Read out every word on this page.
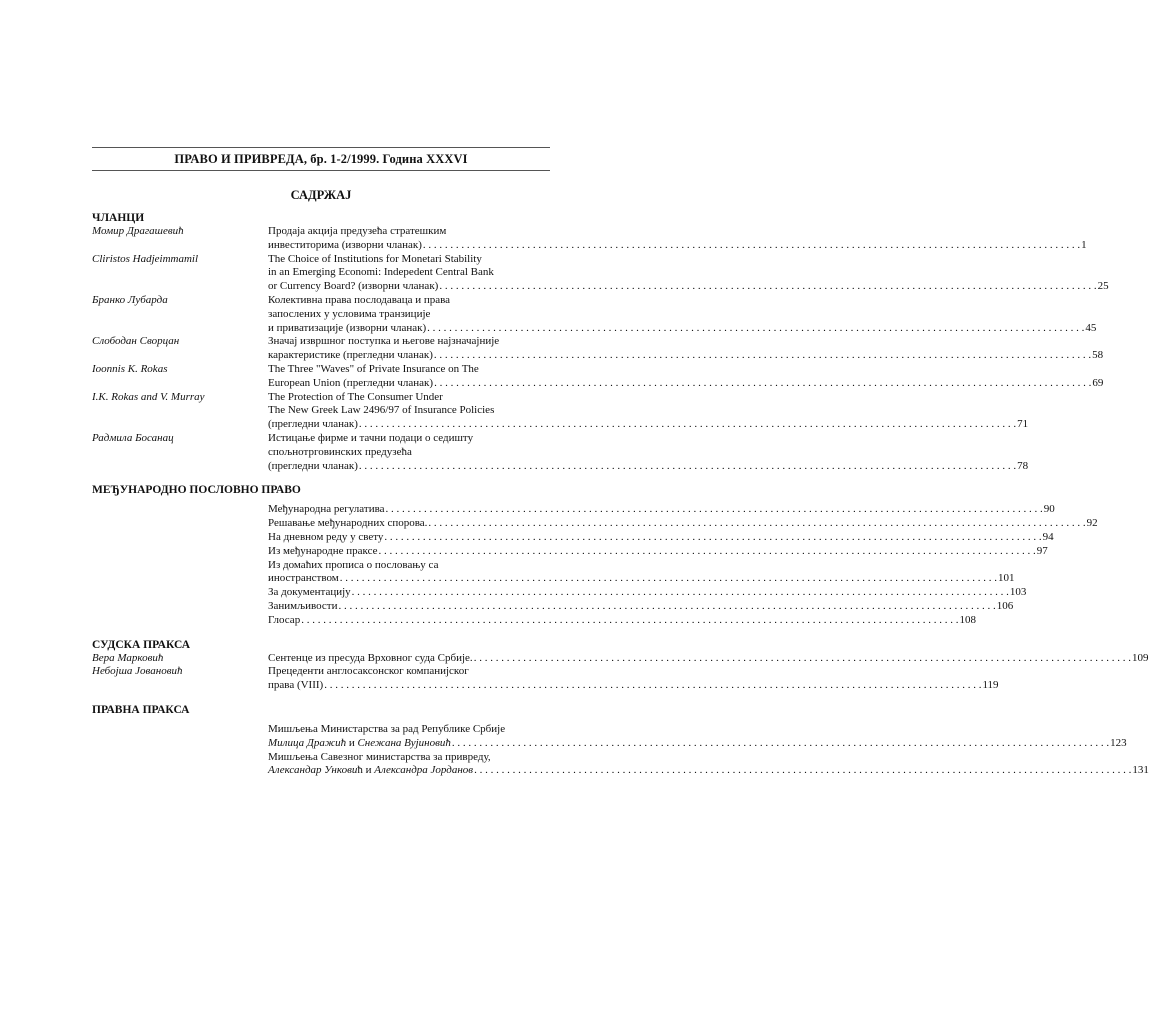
ПРАВО И ПРИВРЕДА, бр. 1-2/1999. Година XXXVI
САДРЖАЈ
ЧЛАНЦИ
Момир Драгашевић	Продаја акција предузећа стратешким
инвеститорима (изворни чланак) . . .	1
Cliristos Hadjeimmamil	The Choice of Institutions for Monetari Stability
in an Emerging Economi: Indepedent Central Bank
or Currency Board? (изворни чланак) . . .	25
Бранко Лубарда	Колективна права послодаваца и права
запослених у условима транзиције
и приватизације (изворни чланак) . . .	45
Слободан Сворцан	Значај извршног поступка и његове најзначајније
карактеристике (прегледни чланак) . . .	58
Ioonnis K. Rokas	The Three "Waves" of Private Insurance on The
European Union (прегледни чланак) . . .	69
I.K. Rokas and V. Murray	The Protection of The Consumer Under
The New Greek Law 2496/97 of Insurance Policies
(прегледни чланак) . . .	71
Радмила Босанац	Истицање фирме и тачни подаци о седишту
спољнотрговинских предузећа
(прегледни чланак) . . .	78
МЕЂУНАРОДНО ПОСЛОВНО ПРАВО
Међународна регулатива . . .	90
Решавање међународних спорова. . . .	92
На дневном реду у свету . . .	94
Из међународне праксе . . .	97
Из домаћих прописа о пословању са
иностранством . . .	101
За документацију . . .	103
Занимљивости . . .	106
Глосар . . .	108
СУДСКА ПРАКСА
Вера Марковић	Сентенце из пресуда Врховног суда Србије. . . .	109
Небојша Јовановић	Прецеденти англосаксонског компанијског
права (VIII) . . .	119
ПРАВНА ПРАКСА
Мишљења Министарства за рад Републике Србије
Милица Дражић и Снежана Вујиновић . . .	123
Мишљења Савезног министарства за привреду,
Александар Унковић и Александра Јорданов . . .	131
